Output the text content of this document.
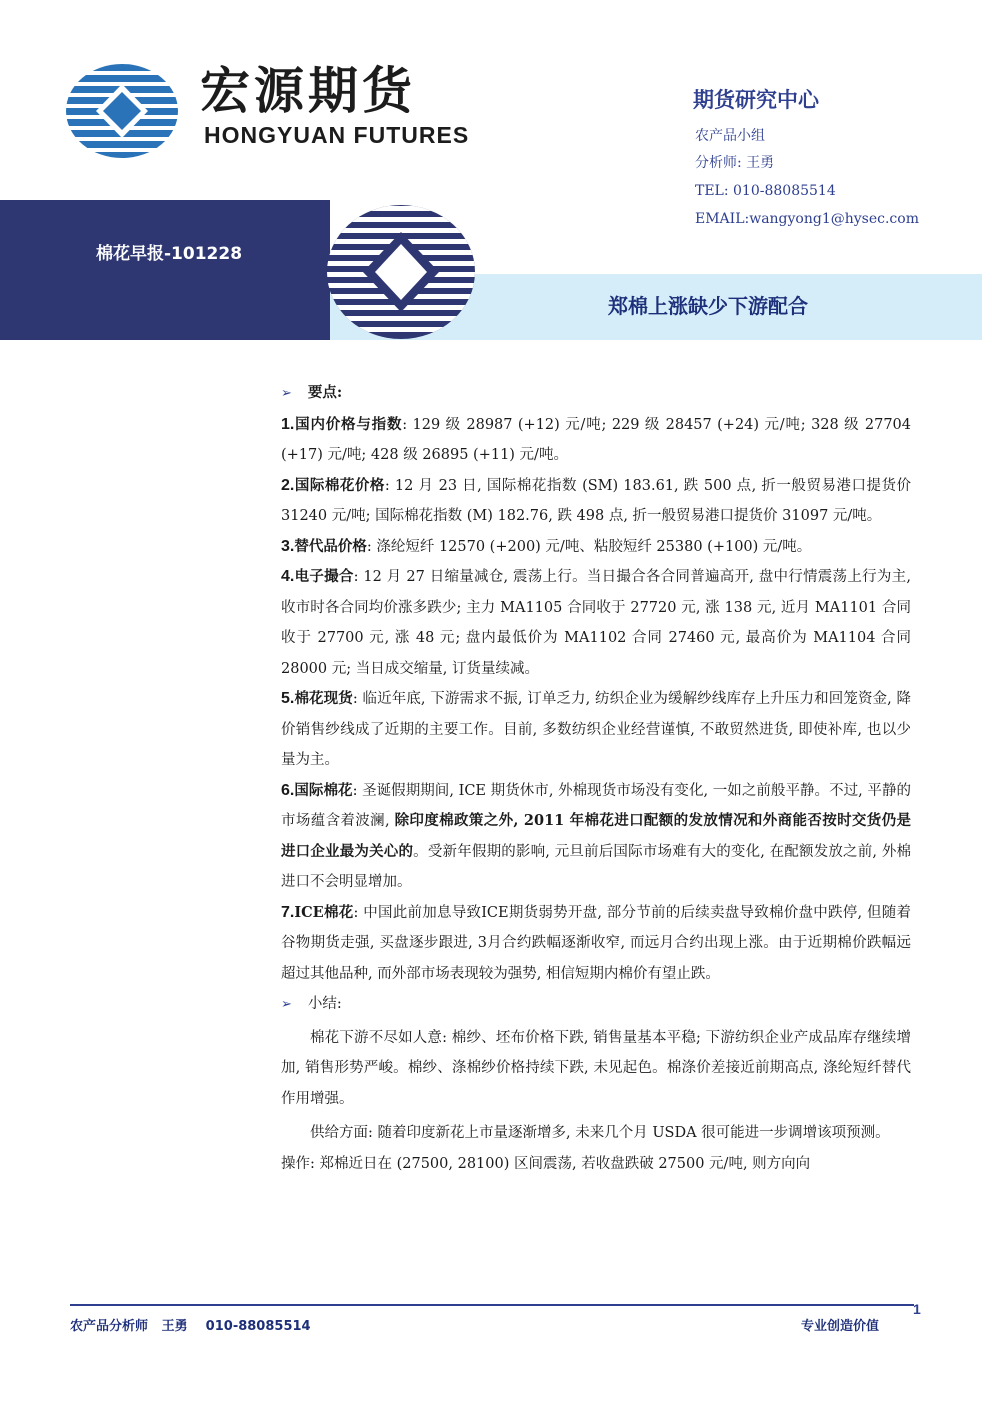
宏源期货
HONGYUAN FUTURES
期货研究中心
农产品小组
分析师: 王勇
TEL: 010-88085514
EMAIL:wangyong1@hysec.com
棉花早报-101228
郑棉上涨缺少下游配合

➢ 要点:

1.国内价格与指数: 129 级 28987 (+12) 元/吨; 229 级 28457 (+24) 元/吨; 328 级 27704 (+17) 元/吨; 428 级 26895 (+11) 元/吨。

2.国际棉花价格: 12 月 23 日, 国际棉花指数 (SM) 183.61, 跌 500 点, 折一般贸易港口提货价 31240 元/吨; 国际棉花指数 (M) 182.76, 跌 498 点, 折一般贸易港口提货价 31097 元/吨。

3.替代品价格: 涤纶短纤 12570 (+200) 元/吨、粘胶短纤 25380 (+100) 元/吨。

4.电子撮合: 12 月 27 日缩量减仓, 震荡上行。当日撮合各合同普遍高开, 盘中行情震荡上行为主, 收市时各合同均价涨多跌少; 主力 MA1105 合同收于 27720 元, 涨 138 元, 近月 MA1101 合同收于 27700 元, 涨 48 元; 盘内最低价为 MA1102 合同 27460 元, 最高价为 MA1104 合同 28000 元; 当日成交缩量, 订货量续减。

5.棉花现货: 临近年底, 下游需求不振, 订单乏力, 纺织企业为缓解纱线库存上升压力和回笼资金, 降价销售纱线成了近期的主要工作。目前, 多数纺织企业经营谨慎, 不敢贸然进货, 即使补库, 也以少量为主。

6.国际棉花: 圣诞假期期间, ICE 期货休市, 外棉现货市场没有变化, 一如之前般平静。不过, 平静的市场蕴含着波澜, 除印度棉政策之外, 2011 年棉花进口配额的发放情况和外商能否按时交货仍是进口企业最为关心的。受新年假期的影响, 元旦前后国际市场难有大的变化, 在配额发放之前, 外棉进口不会明显增加。

7.ICE棉花: 中国此前加息导致ICE期货弱势开盘, 部分节前的后续卖盘导致棉价盘中跌停, 但随着谷物期货走强, 买盘逐步跟进, 3月合约跌幅逐渐收窄, 而远月合约出现上涨。由于近期棉价跌幅远超过其他品种, 而外部市场表现较为强势, 相信短期内棉价有望止跌。

➢ 小结:

棉花下游不尽如人意: 棉纱、坯布价格下跌, 销售量基本平稳; 下游纺织企业产成品库存继续增加, 销售形势严峻。棉纱、涤棉纱价格持续下跌, 未见起色。棉涤价差接近前期高点, 涤纶短纤替代作用增强。

供给方面: 随着印度新花上市量逐渐增多, 未来几个月 USDA 很可能进一步调增该项预测。

操作: 郑棉近日在 (27500, 28100) 区间震荡, 若收盘跌破 27500 元/吨, 则方向向

1
农产品分析师   王勇    010-88085514	专业创造价值
